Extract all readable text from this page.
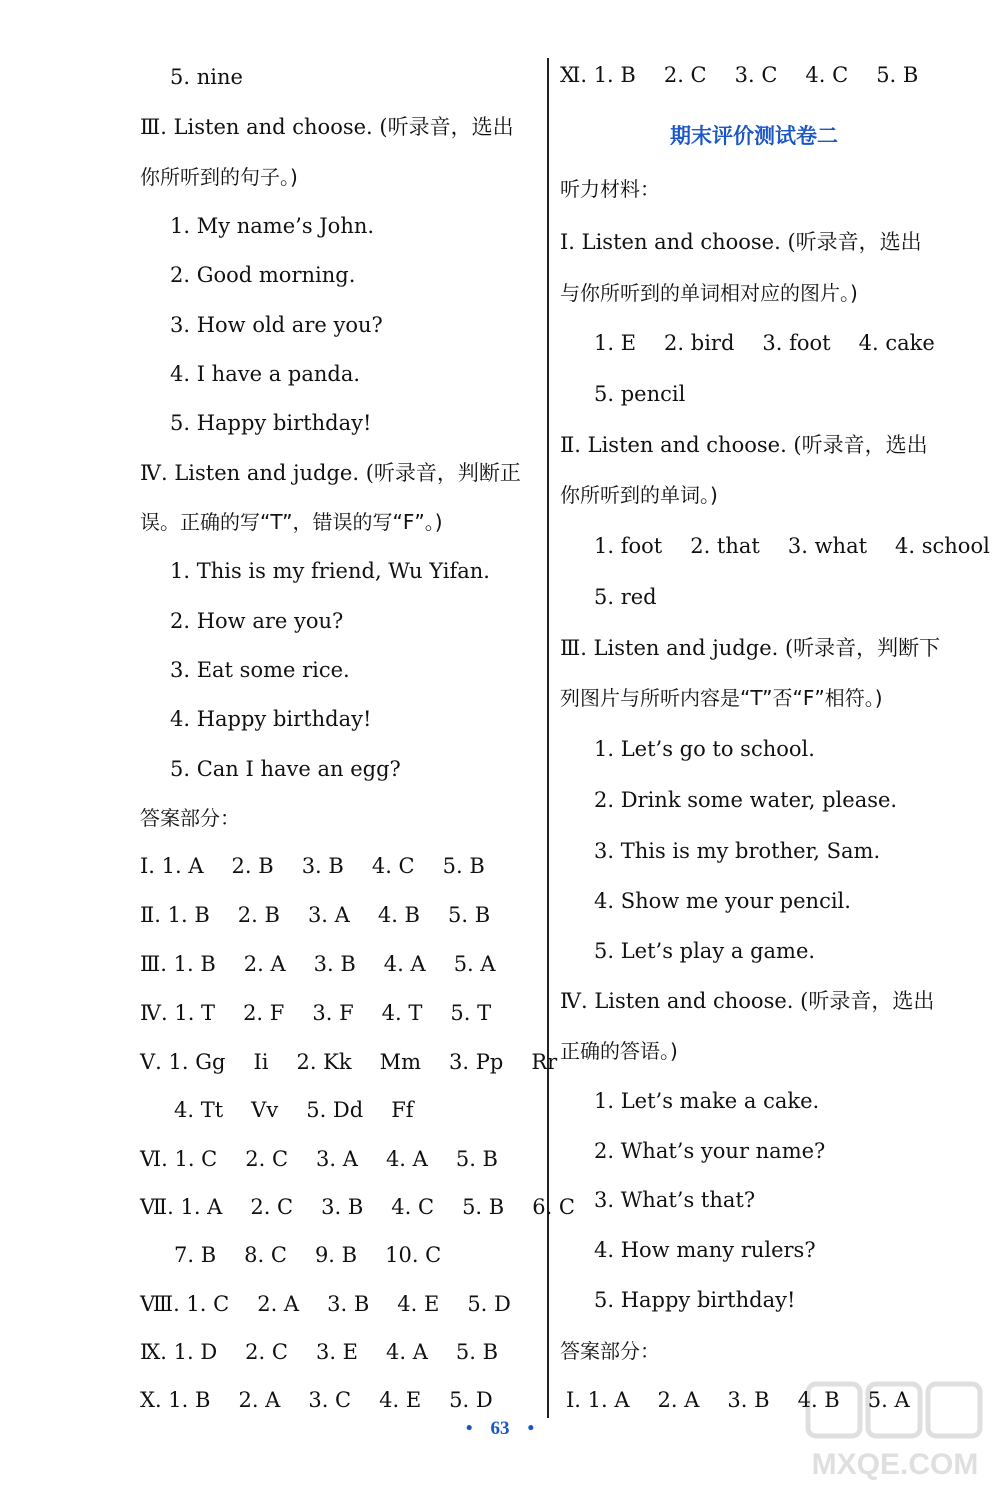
5. nine
Ⅲ. Listen and choose. (听录音，选出
你所听到的句子。)
1. My name’s John.
2. Good morning.
3. How old are you?
4. I have a panda.
5. Happy birthday!
Ⅳ. Listen and judge. (听录音，判断正
误。正确的写“T”，错误的写“F”。)
1. This is my friend, Wu Yifan.
2. How are you?
3. Eat some rice.
4. Happy birthday!
5. Can I have an egg?
答案部分：
Ⅰ. 1. A 2. B 3. B 4. C 5. B
Ⅱ. 1. B 2. B 3. A 4. B 5. B
Ⅲ. 1. B 2. A 3. B 4. A 5. A
Ⅳ. 1. T 2. F 3. F 4. T 5. T
Ⅴ. 1. Gg Ii 2. Kk Mm 3. Pp Rr
4. Tt Vv 5. Dd Ff
Ⅵ. 1. C 2. C 3. A 4. A 5. B
Ⅶ. 1. A 2. C 3. B 4. C 5. B 6. C
7. B 8. C 9. B 10. C
Ⅷ. 1. C 2. A 3. B 4. E 5. D
Ⅸ. 1. D 2. C 3. E 4. A 5. B
Ⅹ. 1. B 2. A 3. C 4. E 5. D
Ⅺ. 1. B 2. C 3. C 4. C 5. B
期末评价测试卷二
听力材料：
Ⅰ. Listen and choose. (听录音，选出
与你所听到的单词相对应的图片。)
1. E 2. bird 3. foot 4. cake
5. pencil
Ⅱ. Listen and choose. (听录音，选出
你所听到的单词。)
1. foot 2. that 3. what 4. school
5. red
Ⅲ. Listen and judge. (听录音，判断下
列图片与所听内容是“T”否“F”相符。)
1. Let’s go to school.
2. Drink some water, please.
3. This is my brother, Sam.
4. Show me your pencil.
5. Let’s play a game.
Ⅳ. Listen and choose. (听录音，选出
正确的答语。)
1. Let’s make a cake.
2. What’s your name?
3. What’s that?
4. How many rulers?
5. Happy birthday!
答案部分：
Ⅰ. 1. A 2. A 3. B 4. B 5. A
• 63 •
MXQE.COM
